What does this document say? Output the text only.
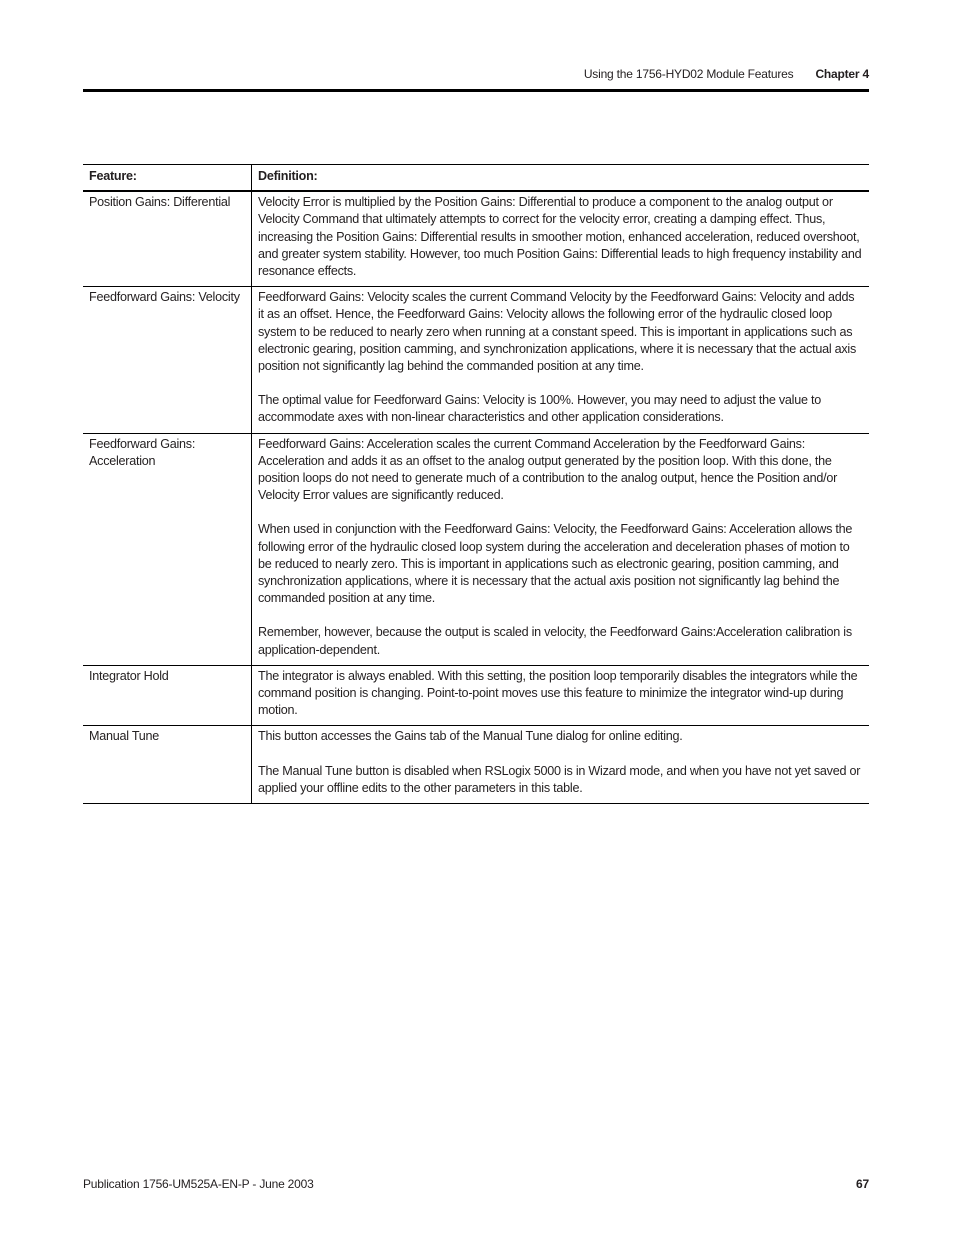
Using the 1756-HYD02 Module Features Chapter 4
Feature:	Definition:
Position Gains: Differential	Velocity Error is multiplied by the Position Gains: Differential to produce a component to the analog output or Velocity Command that ultimately attempts to correct for the velocity error, creating a damping effect. Thus, increasing the Position Gains: Differential results in smoother motion, enhanced acceleration, reduced overshoot, and greater system stability. However, too much Position Gains: Differential leads to high frequency instability and resonance effects.

Feedforward Gains: Velocity	Feedforward Gains: Velocity scales the current Command Velocity by the Feedforward Gains: Velocity and adds it as an offset. Hence, the Feedforward Gains: Velocity allows the following error of the hydraulic closed loop system to be reduced to nearly zero when running at a constant speed. This is important in applications such as electronic gearing, position camming, and synchronization applications, where it is necessary that the actual axis position not significantly lag behind the commanded position at any time.

The optimal value for Feedforward Gains: Velocity is 100%. However, you may need to adjust the value to accommodate axes with non-linear characteristics and other application considerations.

Feedforward Gains: Acceleration	Feedforward Gains: Acceleration scales the current Command Acceleration by the Feedforward Gains: Acceleration and adds it as an offset to the analog output generated by the position loop. With this done, the position loops do not need to generate much of a contribution to the analog output, hence the Position and/or Velocity Error values are significantly reduced.

When used in conjunction with the Feedforward Gains: Velocity, the Feedforward Gains: Acceleration allows the following error of the hydraulic closed loop system during the acceleration and deceleration phases of motion to be reduced to nearly zero. This is important in applications such as electronic gearing, position camming, and synchronization applications, where it is necessary that the actual axis position not significantly lag behind the commanded position at any time.

Remember, however, because the output is scaled in velocity, the Feedforward Gains:Acceleration calibration is application-dependent.

Integrator Hold	The integrator is always enabled. With this setting, the position loop temporarily disables the integrators while the command position is changing. Point-to-point moves use this feature to minimize the integrator wind-up during motion.

Manual Tune	This button accesses the Gains tab of the Manual Tune dialog for online editing.

The Manual Tune button is disabled when RSLogix 5000 is in Wizard mode, and when you have not yet saved or applied your offline edits to the other parameters in this table.

Publication 1756-UM525A-EN-P - June 2003	67
